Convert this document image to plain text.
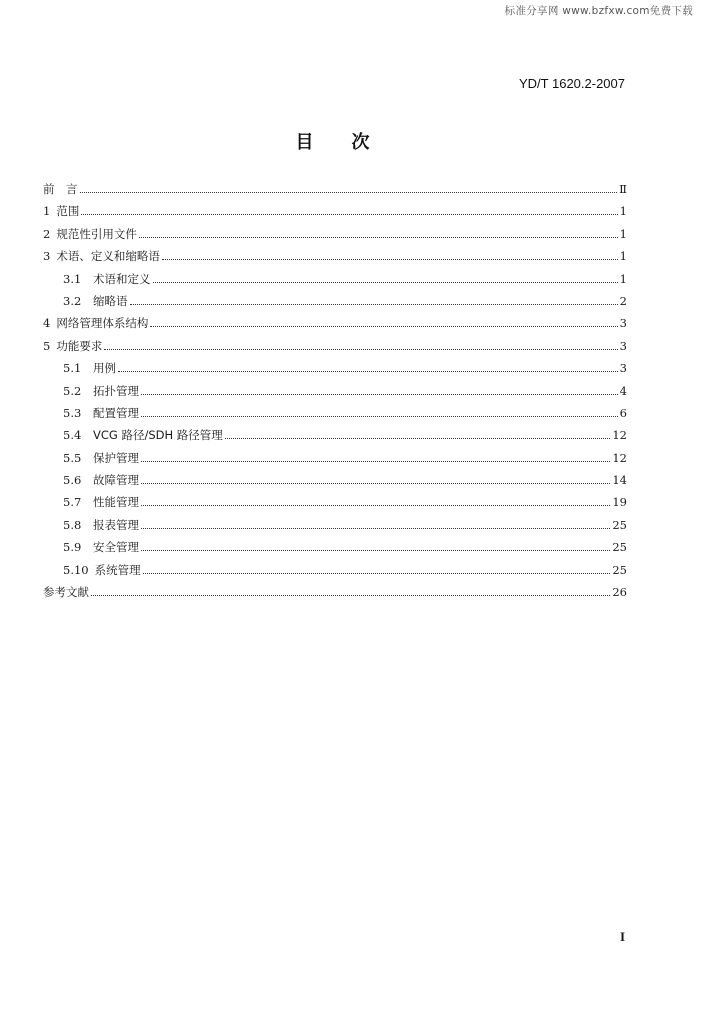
标准分享网 www.bzfxw.com免费下载
YD/T 1620.2-2007
目次
前　言	Ⅱ
1 范围	1
2 规范性引用文件	1
3 术语、定义和缩略语	1
3.1	术语和定义	1
3.2	缩略语	2
4 网络管理体系结构	3
5 功能要求	3
5.1	用例	3
5.2	拓扑管理	4
5.3	配置管理	6
5.4	VCG 路径/SDH 路径管理	12
5.5	保护管理	12
5.6	故障管理	14
5.7	性能管理	19
5.8	报表管理	25
5.9	安全管理	25
5.10 系统管理	25
参考文献	26
I
